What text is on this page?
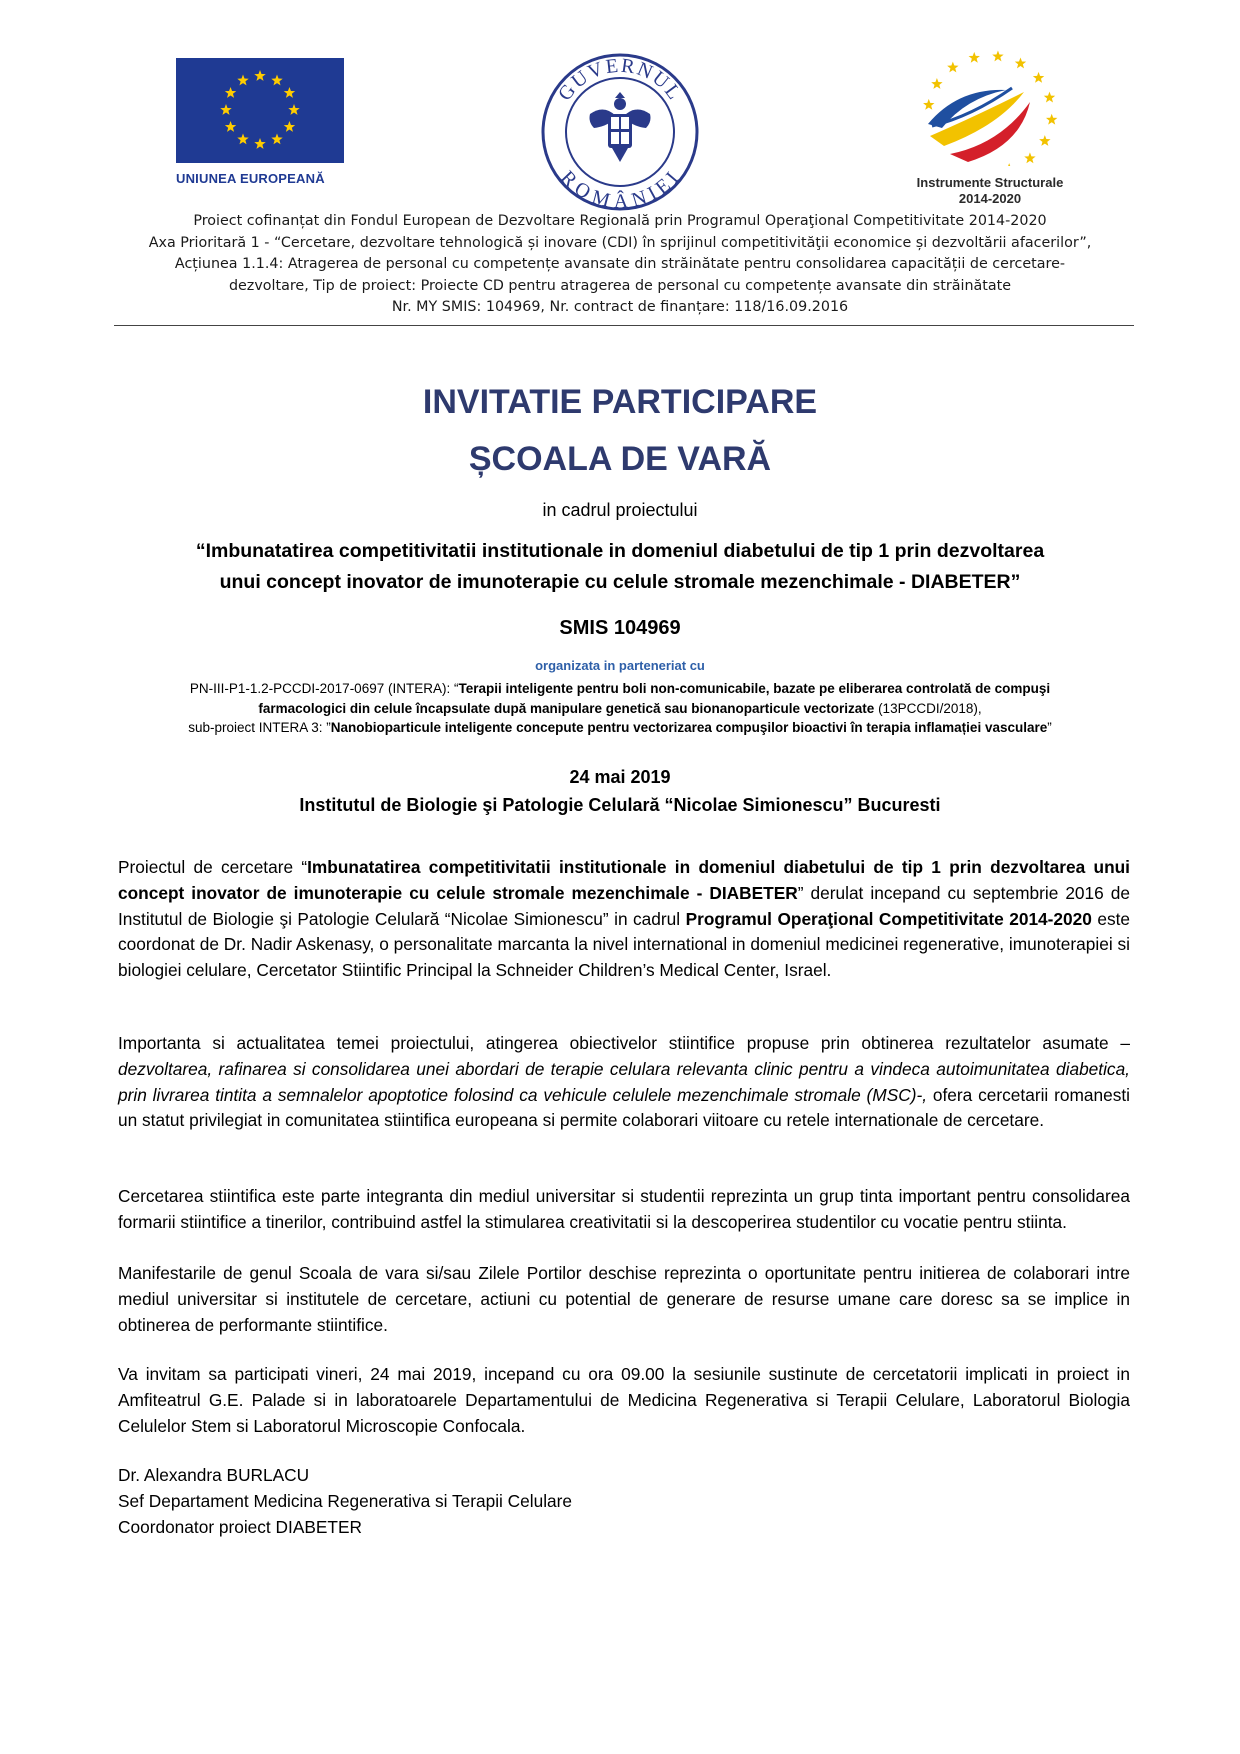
UNIUNEA EUROPEANĂ
GUVERNUL
ROMÂNIEI	Instrumente Structurale
2014-2020
Proiect cofinanțat din Fondul European de Dezvoltare Regională prin Programul Operaţional Competitivitate 2014-2020
Axa Prioritară 1 - “Cercetare, dezvoltare tehnologică și inovare (CDI) în sprijinul competitivităţii economice și dezvoltării afacerilor”,
Acțiunea 1.1.4: Atragerea de personal cu competențe avansate din străinătate pentru consolidarea capacității de cercetare-
dezvoltare, Tip de proiect: Proiecte CD pentru atragerea de personal cu competențe avansate din străinătate
Nr. MY SMIS: 104969, Nr. contract de finanțare: 118/16.09.2016
INVITATIE PARTICIPARE
ȘCOALA DE VARĂ
in cadrul proiectului
“Imbunatatirea competitivitatii institutionale in domeniul diabetului de tip 1 prin dezvoltarea
unui concept inovator de imunoterapie cu celule stromale mezenchimale - DIABETER”
SMIS 104969
organizata in parteneriat cu
PN-III-P1-1.2-PCCDI-2017-0697 (INTERA): “Terapii inteligente pentru boli non-comunicabile, bazate pe eliberarea controlată de compuşi
farmacologici din celule încapsulate după manipulare genetică sau bionanoparticule vectorizate (13PCCDI/2018),
sub-proiect INTERA 3: ”Nanobioparticule inteligente concepute pentru vectorizarea compuşilor bioactivi în terapia inflamației vasculare”
24 mai 2019
Institutul de Biologie şi Patologie Celulară “Nicolae Simionescu” Bucuresti

Proiectul de cercetare “Imbunatatirea competitivitatii institutionale in domeniul diabetului de tip 1 prin dezvoltarea unui concept inovator de imunoterapie cu celule stromale mezenchimale - DIABETER” derulat incepand cu septembrie 2016 de Institutul de Biologie şi Patologie Celulară “Nicolae Simionescu” in cadrul Programul Operaţional Competitivitate 2014-2020 este coordonat de Dr. Nadir Askenasy, o personalitate marcanta la nivel international in domeniul medicinei regenerative, imunoterapiei si biologiei celulare, Cercetator Stiintific Principal la Schneider Children’s Medical Center, Israel.

Importanta si actualitatea temei proiectului, atingerea obiectivelor stiintifice propuse prin obtinerea rezultatelor asumate – dezvoltarea, rafinarea si consolidarea unei abordari de terapie celulara relevanta clinic pentru a vindeca autoimunitatea diabetica, prin livrarea tintita a semnalelor apoptotice folosind ca vehicule celulele mezenchimale stromale (MSC)-, ofera cercetarii romanesti un statut privilegiat in comunitatea stiintifica europeana si permite colaborari viitoare cu retele internationale de cercetare.

Cercetarea stiintifica este parte integranta din mediul universitar si studentii reprezinta un grup tinta important pentru consolidarea formarii stiintifice a tinerilor, contribuind astfel la stimularea creativitatii si la descoperirea studentilor cu vocatie pentru stiinta.

Manifestarile de genul Scoala de vara si/sau Zilele Portilor deschise reprezinta o oportunitate pentru initierea de colaborari intre mediul universitar si institutele de cercetare, actiuni cu potential de generare de resurse umane care doresc sa se implice in obtinerea de performante stiintifice.

Va invitam sa participati vineri, 24 mai 2019, incepand cu ora 09.00 la sesiunile sustinute de cercetatorii implicati in proiect in Amfiteatrul G.E. Palade si in laboratoarele Departamentului de Medicina Regenerativa si Terapii Celulare, Laboratorul Biologia Celulelor Stem si Laboratorul Microscopie Confocala.

Dr. Alexandra BURLACU
Sef Departament Medicina Regenerativa si Terapii Celulare
Coordonator proiect DIABETER
